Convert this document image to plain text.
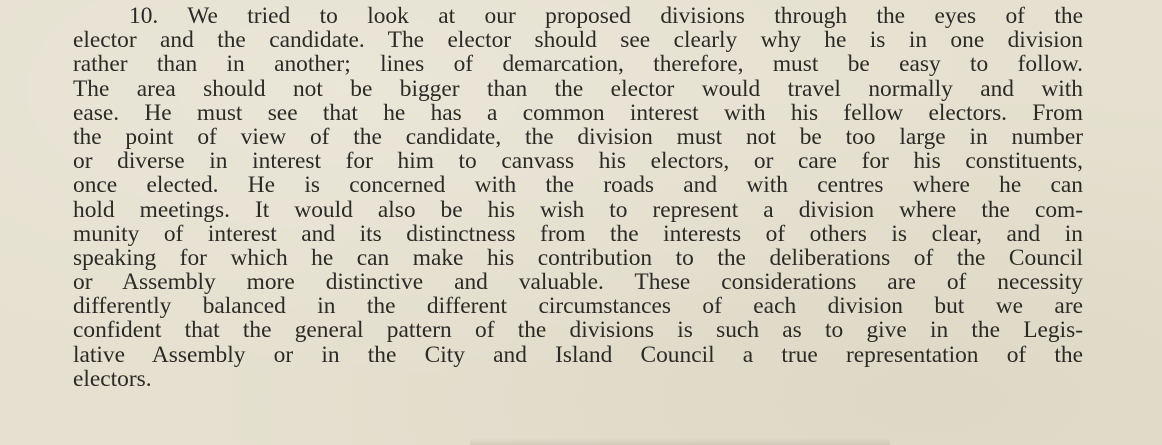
10. We tried to look at our proposed divisions through the eyes of the
elector and the candidate. The elector should see clearly why he is in one division
rather than in another; lines of demarcation, therefore, must be easy to follow.
The area should not be bigger than the elector would travel normally and with
ease. He must see that he has a common interest with his fellow electors. From
the point of view of the candidate, the division must not be too large in number
or diverse in interest for him to canvass his electors, or care for his constituents,
once elected. He is concerned with the roads and with centres where he can
hold meetings. It would also be his wish to represent a division where the com-
munity of interest and its distinctness from the interests of others is clear, and in
speaking for which he can make his contribution to the deliberations of the Council
or Assembly more distinctive and valuable. These considerations are of necessity
differently balanced in the different circumstances of each division but we are
confident that the general pattern of the divisions is such as to give in the Legis-
lative Assembly or in the City and Island Council a true representation of the
electors.
